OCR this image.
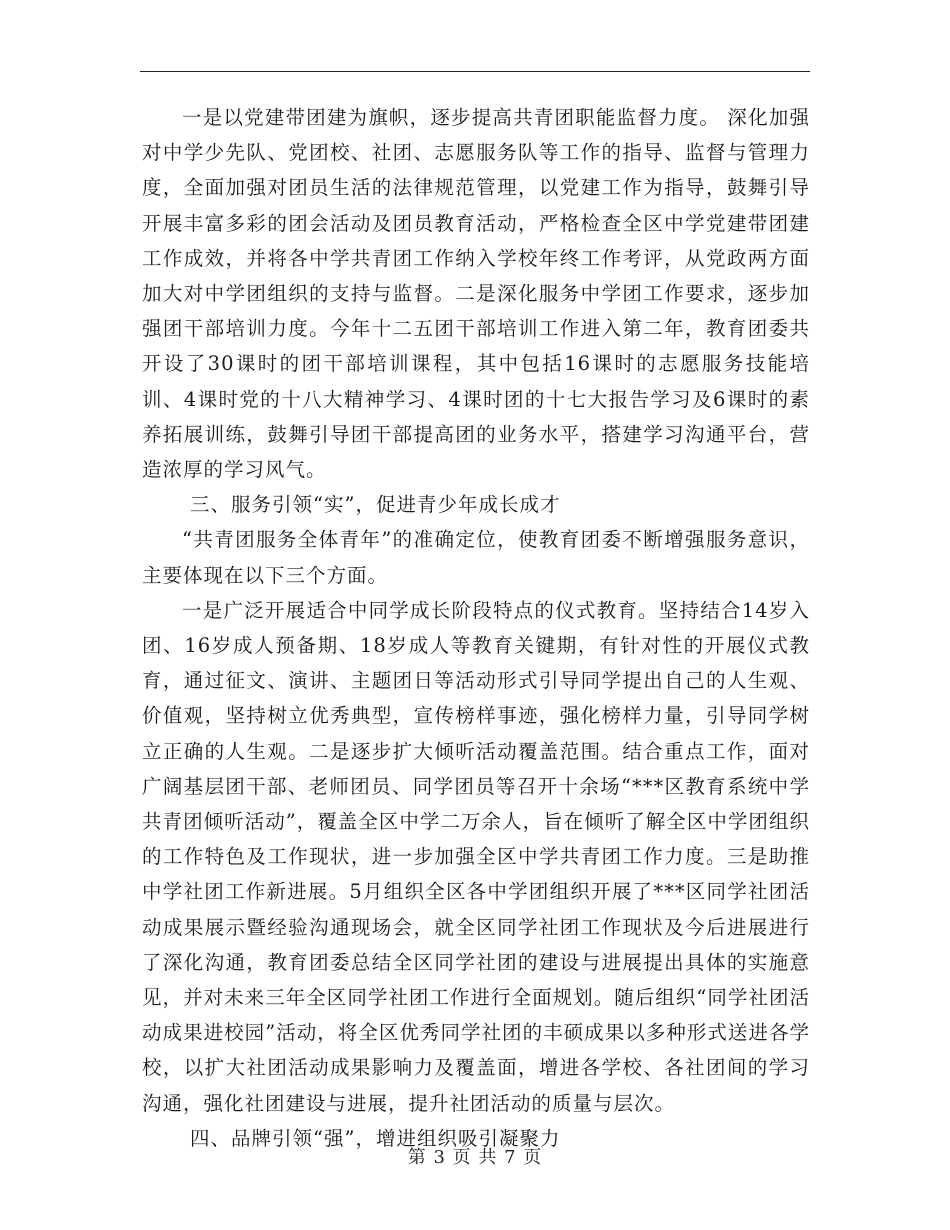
一是以党建带团建为旗帜，逐步提高共青团职能监督力度。 深化加强对中学少先队、党团校、社团、志愿服务队等工作的指导、监督与管理力度，全面加强对团员生活的法律规范管理，以党建工作为指导，鼓舞引导开展丰富多彩的团会活动及团员教育活动，严格检查全区中学党建带团建工作成效，并将各中学共青团工作纳入学校年终工作考评，从党政两方面加大对中学团组织的支持与监督。二是深化服务中学团工作要求，逐步加强团干部培训力度。今年十二五团干部培训工作进入第二年，教育团委共开设了30课时的团干部培训课程，其中包括16课时的志愿服务技能培训、4课时党的十八大精神学习、4课时团的十七大报告学习及6课时的素养拓展训练，鼓舞引导团干部提高团的业务水平，搭建学习沟通平台，营造浓厚的学习风气。

三、服务引领“实”，促进青少年成长成才

“共青团服务全体青年”的准确定位，使教育团委不断增强服务意识，主要体现在以下三个方面。

一是广泛开展适合中同学成长阶段特点的仪式教育。坚持结合14岁入团、16岁成人预备期、18岁成人等教育关键期，有针对性的开展仪式教育，通过征文、演讲、主题团日等活动形式引导同学提出自己的人生观、价值观，坚持树立优秀典型，宣传榜样事迹，强化榜样力量，引导同学树立正确的人生观。二是逐步扩大倾听活动覆盖范围。结合重点工作，面对广阔基层团干部、老师团员、同学团员等召开十余场“***区教育系统中学共青团倾听活动”，覆盖全区中学二万余人，旨在倾听了解全区中学团组织的工作特色及工作现状，进一步加强全区中学共青团工作力度。三是助推中学社团工作新进展。5月组织全区各中学团组织开展了***区同学社团活动成果展示暨经验沟通现场会，就全区同学社团工作现状及今后进展进行了深化沟通，教育团委总结全区同学社团的建设与进展提出具体的实施意见，并对未来三年全区同学社团工作进行全面规划。随后组织“同学社团活动成果进校园”活动，将全区优秀同学社团的丰硕成果以多种形式送进各学校，以扩大社团活动成果影响力及覆盖面，增进各学校、各社团间的学习沟通，强化社团建设与进展，提升社团活动的质量与层次。

四、品牌引领“强”，增进组织吸引凝聚力

第 3 页 共 7 页
